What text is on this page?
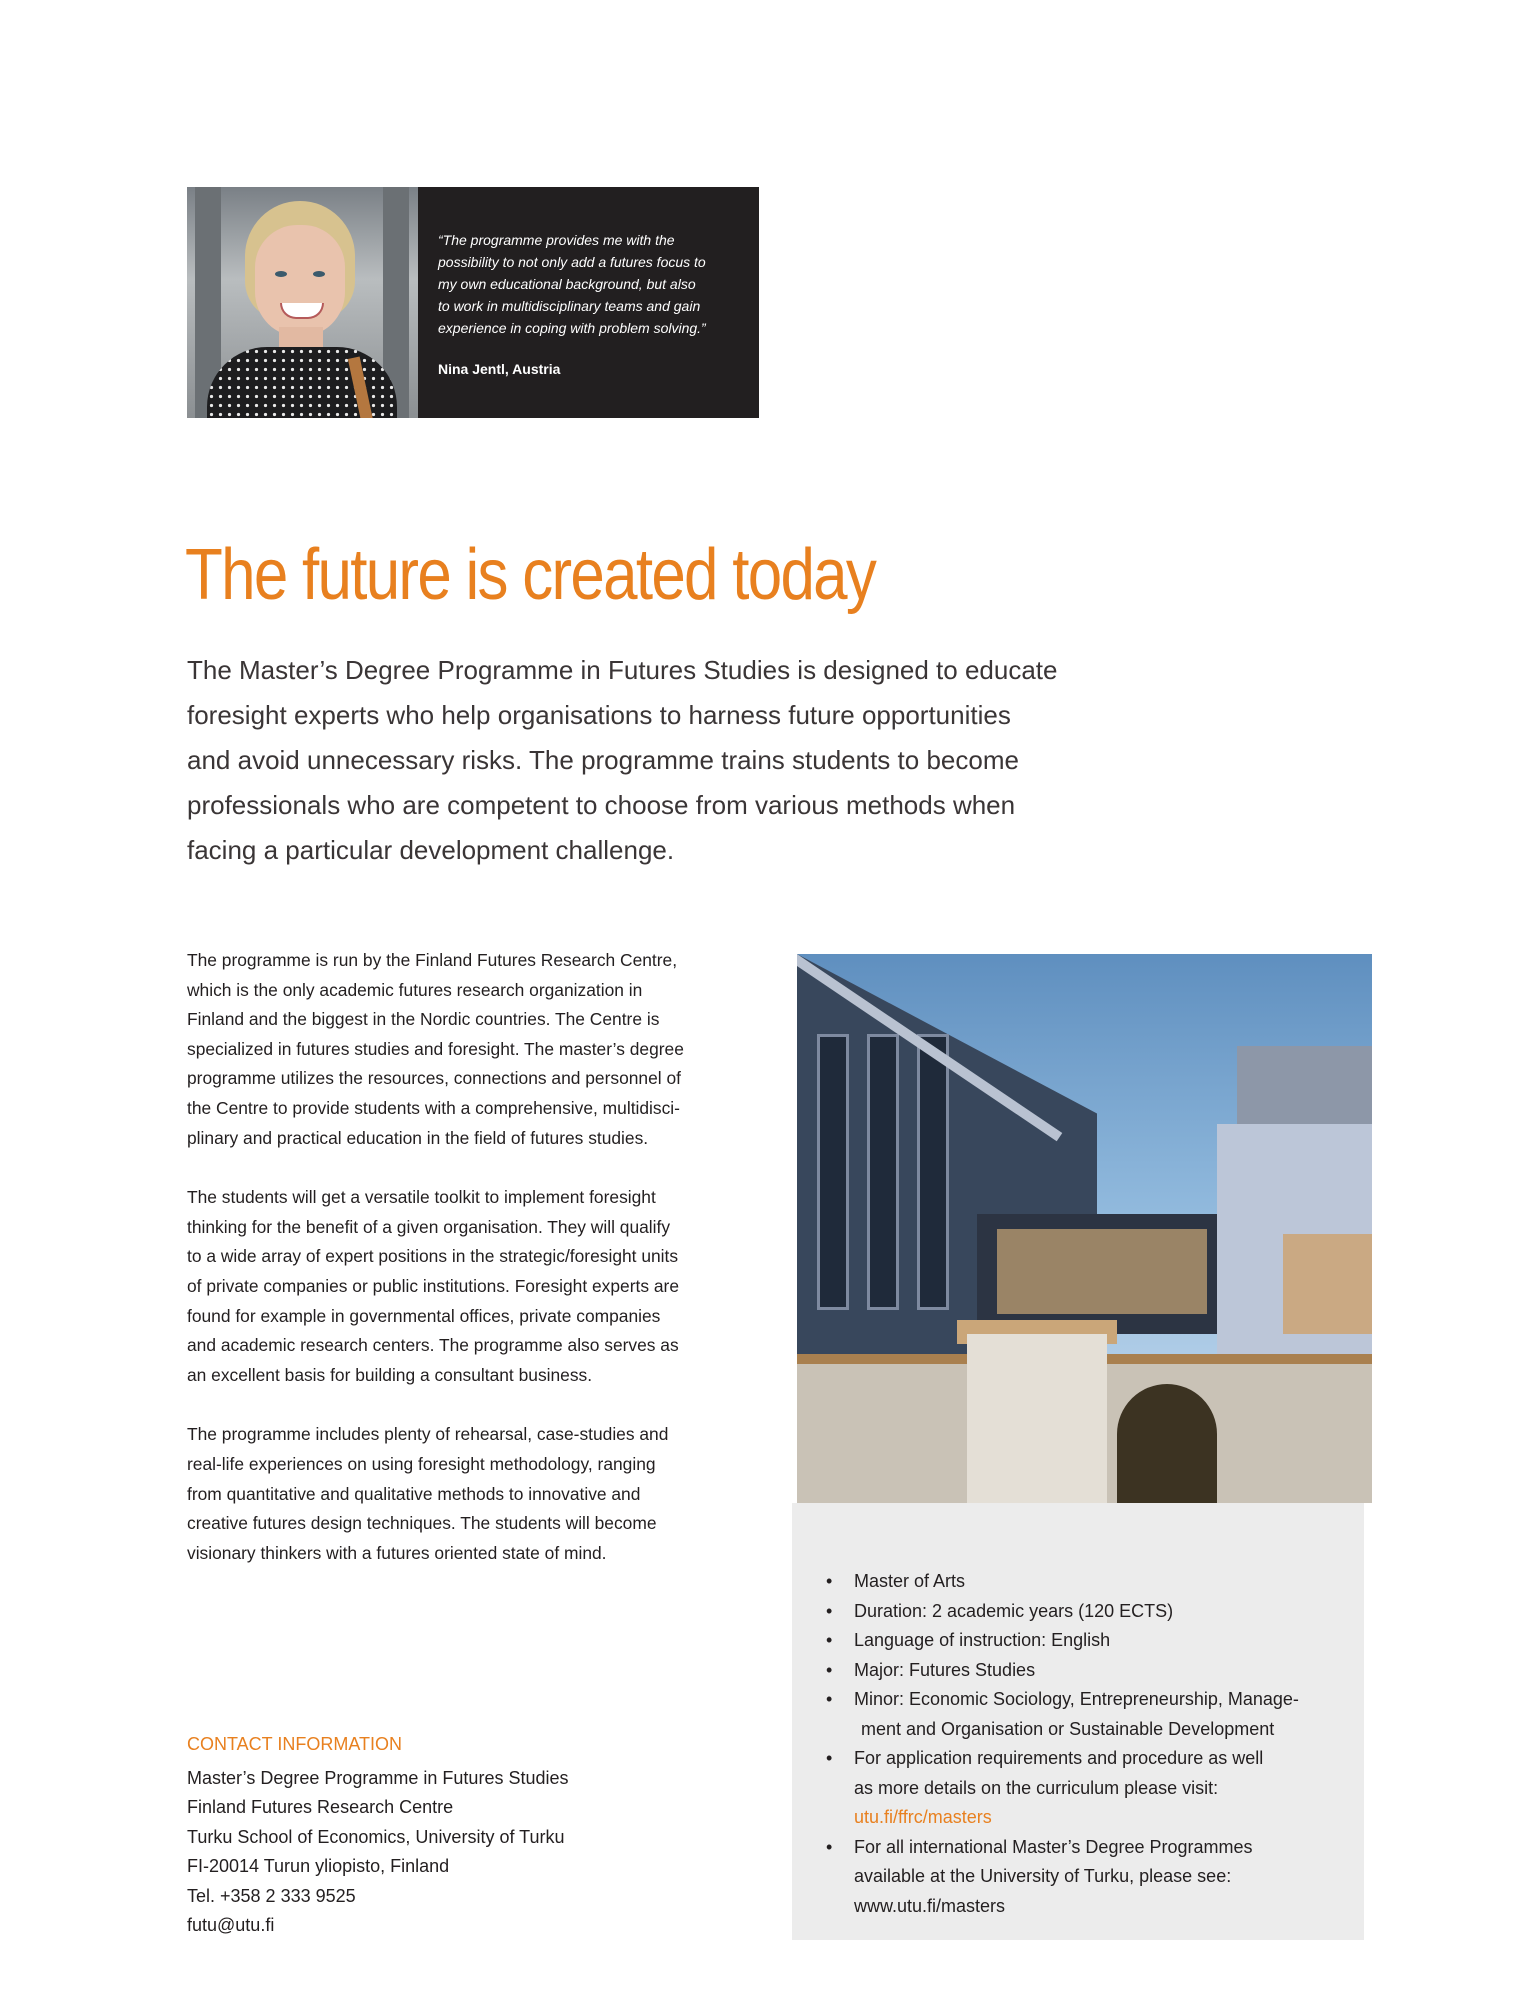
“The programme provides me with the
possibility to not only add a futures focus to
my own educational background, but also
to work in multidisciplinary teams and gain
experience in coping with problem solving.”

Nina Jentl, Austria
The future is created today

The Master’s Degree Programme in Futures Studies is designed to educate
foresight experts who help organisations to harness future opportunities
and avoid unnecessary risks. The programme trains students to become
professionals who are competent to choose from various methods when
facing a particular development challenge.

The programme is run by the Finland Futures Research Centre,
which is the only academic futures research organization in
Finland and the biggest in the Nordic countries. The Centre is
specialized in futures studies and foresight. The master’s degree
programme utilizes the resources, connections and personnel of
the Centre to provide students with a comprehensive, multidisci-
plinary and practical education in the field of futures studies.

The students will get a versatile toolkit to implement foresight
thinking for the benefit of a given organisation. They will qualify
to a wide array of expert positions in the strategic/foresight units
of private companies or public institutions. Foresight experts are
found for example in governmental offices, private companies
and academic research centers. The programme also serves as
an excellent basis for building a consultant business.

The programme includes plenty of rehearsal, case-studies and
real-life experiences on using foresight methodology, ranging
from quantitative and qualitative methods to innovative and
creative futures design techniques. The students will become
visionary thinkers with a futures oriented state of mind.

• Master of Arts
• Duration: 2 academic years (120 ECTS)
• Language of instruction: English
• Major: Futures Studies
• Minor: Economic Sociology, Entrepreneurship, Manage-
ment and Organisation or Sustainable Development
• For application requirements and procedure as well
as more details on the curriculum please visit:
utu.fi/ffrc/masters
• For all international Master’s Degree Programmes
available at the University of Turku, please see:
www.utu.fi/masters
CONTACT INFORMATION
Master’s Degree Programme in Futures Studies
Finland Futures Research Centre
Turku School of Economics, University of Turku
FI-20014 Turun yliopisto, Finland
Tel. +358 2 333 9525
futu@utu.fi
